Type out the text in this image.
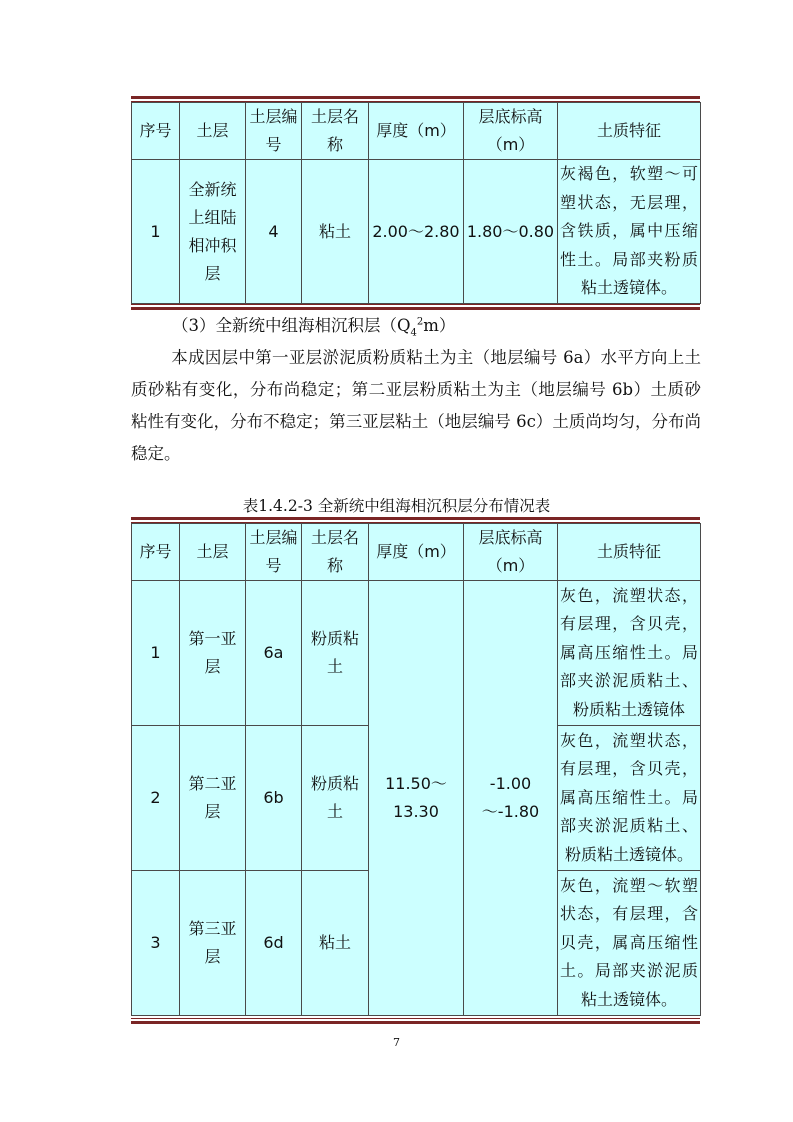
序号	土层	土层编号	土层名称	厚度（m）	层底标高（m）	土质特征
1	全新统上组陆相冲积层	4	粘土	2.00～2.80	1.80～0.80	灰褐色，软塑～可塑状态，无层理，含铁质，属中压缩性土。局部夹粉质
粘土透镜体。
（3）全新统中组海相沉积层$(Q_4^2m)$
本成因层中第一亚层淤泥质粉质粘土为主（地层编号 6a）水平方向上土质砂粘有变化，分布尚稳定；第二亚层粉质粘土为主（地层编号 6b）土质砂粘性有变化，分布不稳定；第三亚层粘土（地层编号 6c）土质尚均匀，分布尚稳定。
表1.4.2-3 全新统中组海相沉积层分布情况表
序号	土层	土层编号	土层名称	厚度（m）	层底标高（m）	土质特征
1	第一亚层	6a	粉质粘土	11.50～13.30	-1.00～-1.80	灰色，流塑状态，有层理，含贝壳，属高压缩性土。局部夹淤泥质粘土、
粉质粘土透镜体

2	第二亚层	6b	粉质粘土			灰色，流塑状态，有层理，含贝壳，属高压缩性土。局部夹淤泥质粘土、
粉质粘土透镜体。

3	第三亚层	6d	粘土			灰色，流塑～软塑状态，有层理，含贝壳，属高压缩性土。局部夹淤泥质
粘土透镜体。
7
